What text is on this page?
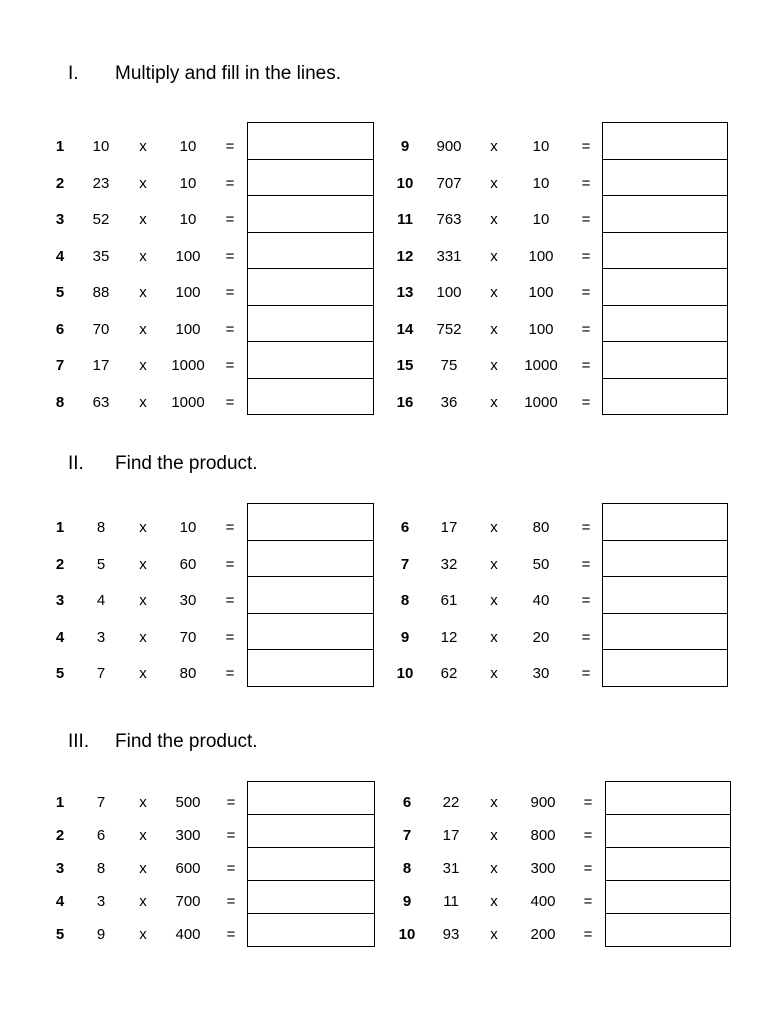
I. Multiply and fill in the lines.
1 10 x 10 =
2 23 x 10 =
3 52 x 10 =
4 35 x 100 =
5 88 x 100 =
6 70 x 100 =
7 17 x 1000 =
8 63 x 1000 =
9 900 x 10 =
10 707 x 10 =
11 763 x 10 =
12 331 x 100 =
13 100 x 100 =
14 752 x 100 =
15 75 x 1000 =
16 36 x 1000 =
II. Find the product.
1 8 x 10 =
2 5 x 60 =
3 4 x 30 =
4 3 x 70 =
5 7 x 80 =
6 17 x 80 =
7 32 x 50 =
8 61 x 40 =
9 12 x 20 =
10 62 x 30 =
III. Find the product.
1 7 x 500 =
2 6 x 300 =
3 8 x 600 =
4 3 x 700 =
5 9 x 400 =
6 22 x 900 =
7 17 x 800 =
8 31 x 300 =
9 11 x 400 =
10 93 x 200 =
